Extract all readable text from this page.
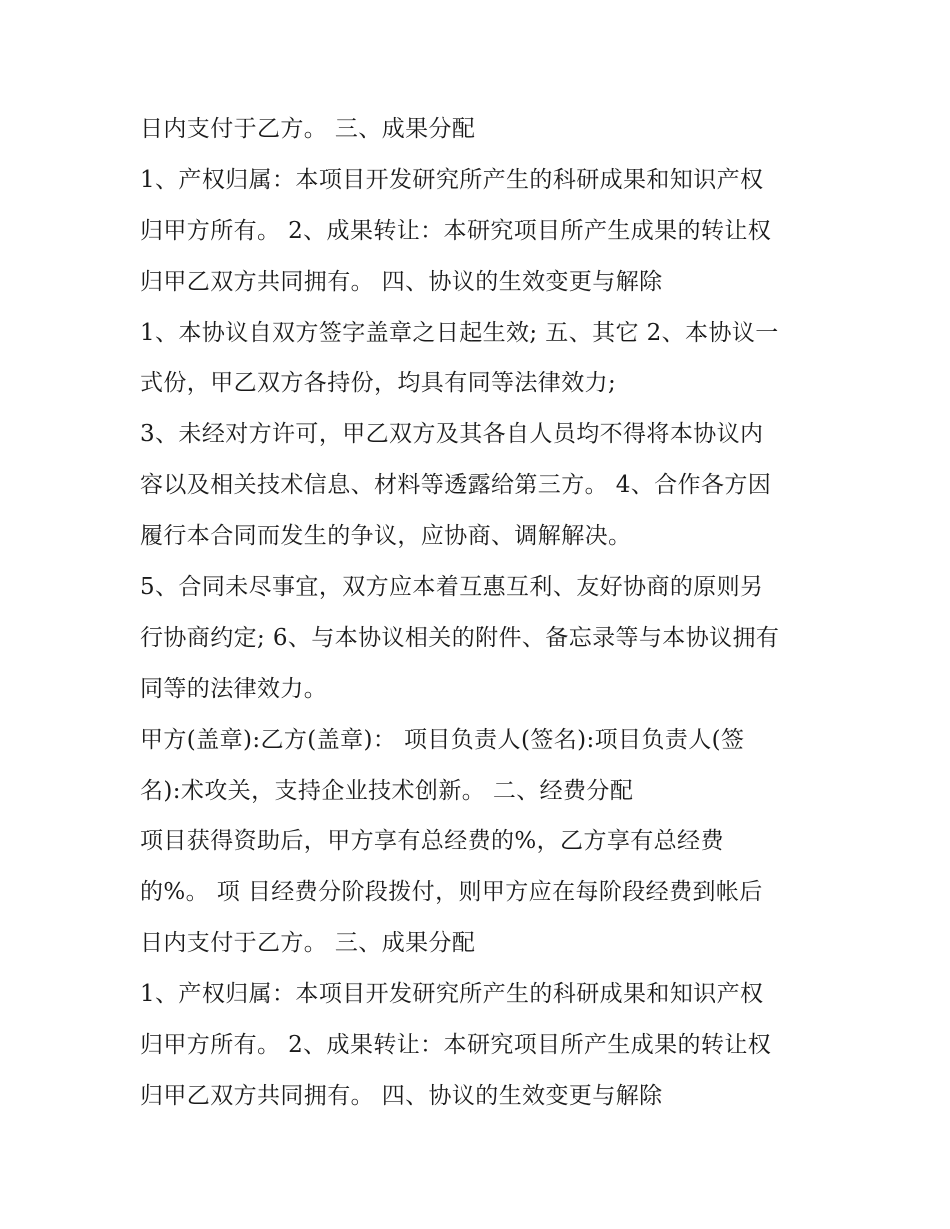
日内支付于乙方。 三、成果分配
1、产权归属：本项目开发研究所产生的科研成果和知识产权
归甲方所有。 2、成果转让：本研究项目所产生成果的转让权
归甲乙双方共同拥有。 四、协议的生效变更与解除
1、本协议自双方签字盖章之日起生效; 五、其它 2、本协议一
式份，甲乙双方各持份，均具有同等法律效力;
3、未经对方许可，甲乙双方及其各自人员均不得将本协议内
容以及相关技术信息、材料等透露给第三方。 4、合作各方因
履行本合同而发生的争议，应协商、调解解决。
5、合同未尽事宜，双方应本着互惠互利、友好协商的原则另
行协商约定; 6、与本协议相关的附件、备忘录等与本协议拥有
同等的法律效力。
甲方(盖章):乙方(盖章)： 项目负责人(签名):项目负责人(签
名):术攻关，支持企业技术创新。 二、经费分配
项目获得资助后，甲方享有总经费的%，乙方享有总经费
的%。 项 目经费分阶段拨付，则甲方应在每阶段经费到帐后
日内支付于乙方。 三、成果分配
1、产权归属：本项目开发研究所产生的科研成果和知识产权
归甲方所有。 2、成果转让：本研究项目所产生成果的转让权
归甲乙双方共同拥有。 四、协议的生效变更与解除
